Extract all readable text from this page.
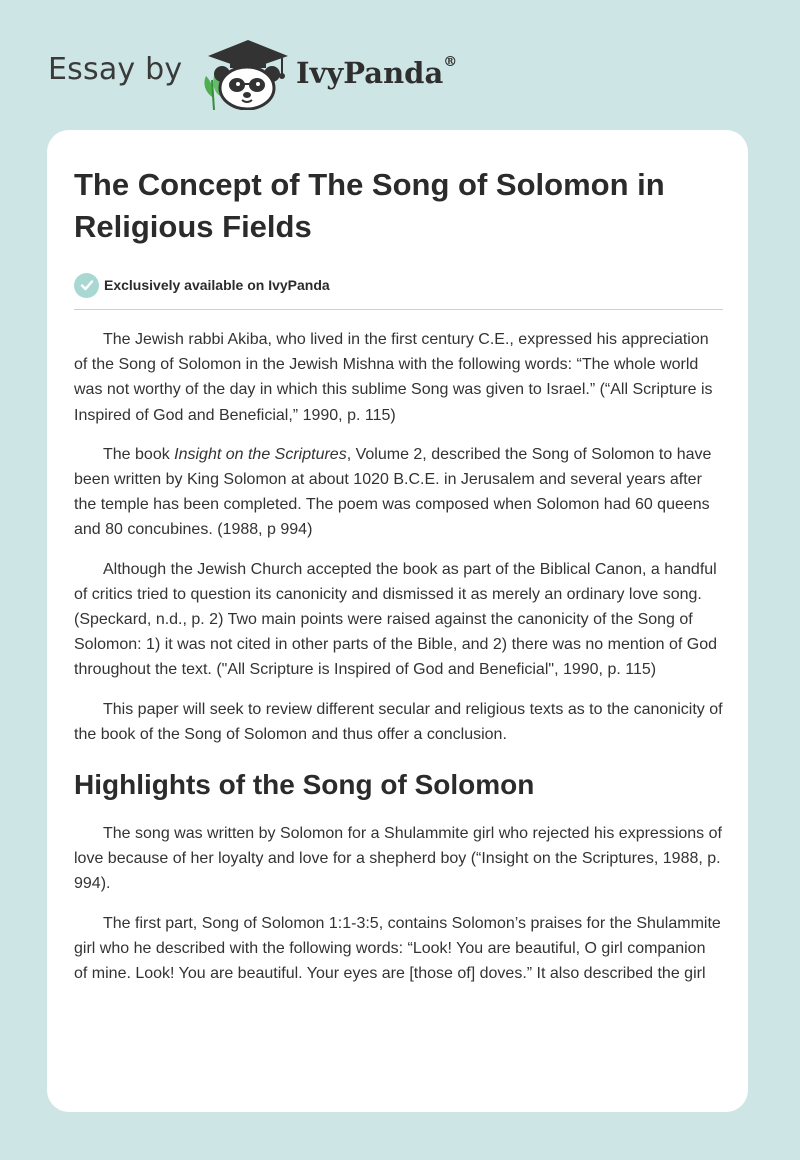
Essay by	IvyPanda®
The Concept of The Song of Solomon in Religious Fields
Exclusively available on IvyPanda

The Jewish rabbi Akiba, who lived in the first century C.E., expressed his appreciation of the Song of Solomon in the Jewish Mishna with the following words: “The whole world was not worthy of the day in which this sublime Song was given to Israel.” (“All Scripture is Inspired of God and Beneficial,” 1990, p. 115)

The book Insight on the Scriptures, Volume 2, described the Song of Solomon to have been written by King Solomon at about 1020 B.C.E. in Jerusalem and several years after the temple has been completed. The poem was composed when Solomon had 60 queens and 80 concubines. (1988, p 994)

Although the Jewish Church accepted the book as part of the Biblical Canon, a handful of critics tried to question its canonicity and dismissed it as merely an ordinary love song. (Speckard, n.d., p. 2) Two main points were raised against the canonicity of the Song of Solomon: 1) it was not cited in other parts of the Bible, and 2) there was no mention of God throughout the text. ("All Scripture is Inspired of God and Beneficial", 1990, p. 115)

This paper will seek to review different secular and religious texts as to the canonicity of the book of the Song of Solomon and thus offer a conclusion.

Highlights of the Song of Solomon

The song was written by Solomon for a Shulammite girl who rejected his expressions of love because of her loyalty and love for a shepherd boy (“Insight on the Scriptures, 1988, p. 994).

The first part, Song of Solomon 1:1-3:5, contains Solomon’s praises for the Shulammite girl who he described with the following words: “Look! You are beautiful, O girl companion of mine. Look! You are beautiful. Your eyes are [those of] doves.” It also described the girl
